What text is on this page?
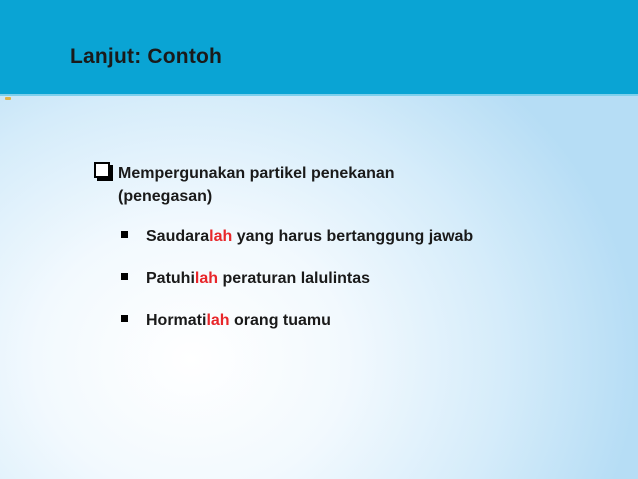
Lanjut: Contoh
Mempergunakan partikel penekanan (penegasan)
Saudaralah yang harus bertanggung jawab
Patuhilah peraturan lalulintas
Hormatilah orang tuamu
